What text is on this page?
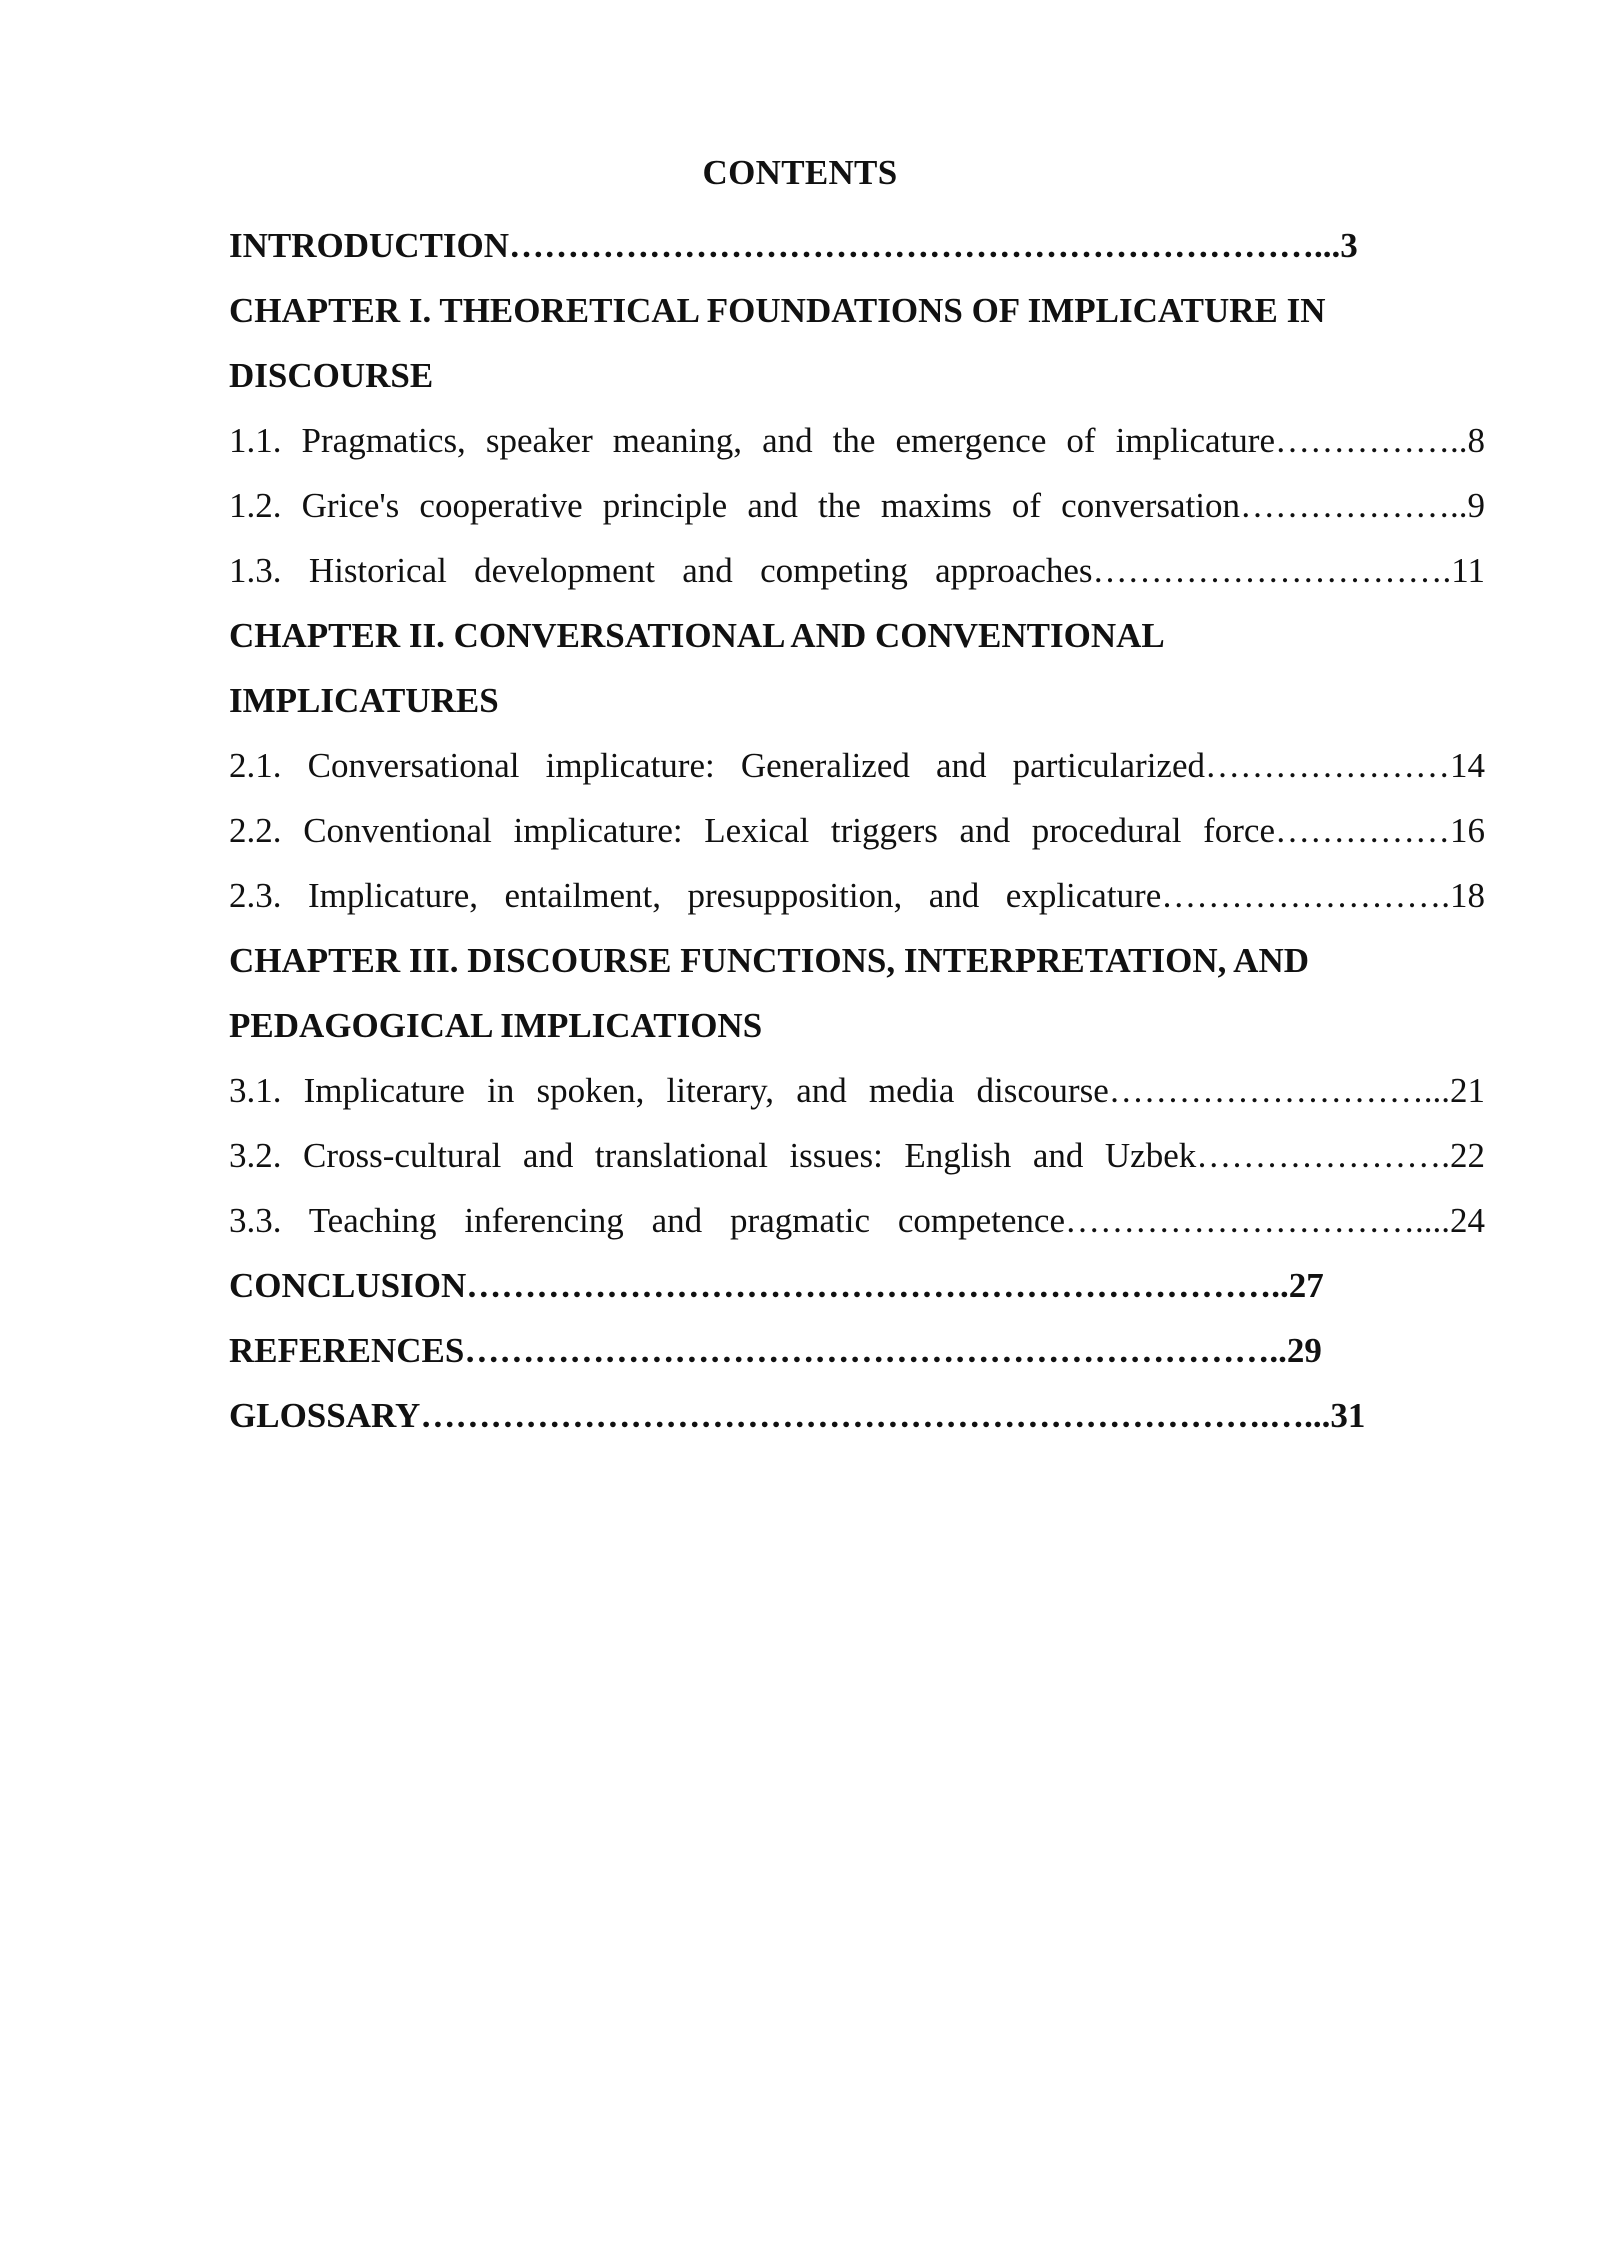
CONTENTS
INTRODUCTION……………………………………………………………...3
CHAPTER I. THEORETICAL FOUNDATIONS OF IMPLICATURE IN
DISCOURSE
1.1. Pragmatics, speaker meaning, and the emergence of implicature……………..8
1.2. Grice's cooperative principle and the maxims of conversation………………..9
1.3. Historical development and competing approaches………………………….11
CHAPTER II. CONVERSATIONAL AND CONVENTIONAL
IMPLICATURES
2.1. Conversational implicature: Generalized and particularized…………………14
2.2. Conventional implicature: Lexical triggers and procedural force……………16
2.3. Implicature, entailment, presupposition, and explicature…………………….18
CHAPTER III. DISCOURSE FUNCTIONS, INTERPRETATION, AND
PEDAGOGICAL IMPLICATIONS
3.1. Implicature in spoken, literary, and media discourse………………………...21
3.2. Cross-cultural and translational issues: English and Uzbek………………….22
3.3. Teaching inferencing and pragmatic competence…………………………....24
CONCLUSION……………………………………………………………..27
REFERENCES……………………………………………………………..29
GLOSSARY……………………………………………………………….…...31
